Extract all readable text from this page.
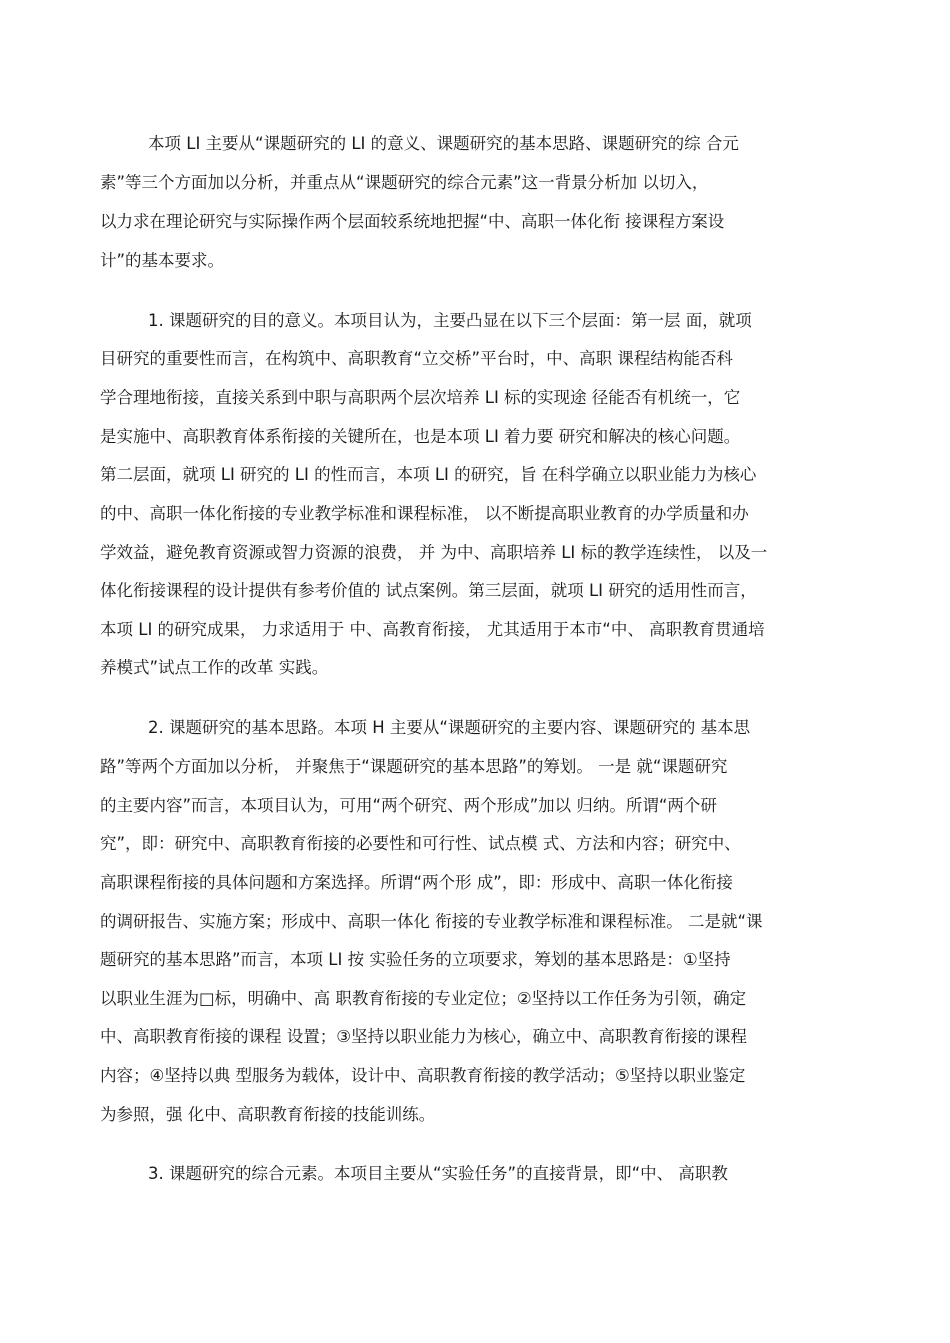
本项 LI 主要从“课题研究的 LI 的意义、课题研究的基本思路、课题研究的综 合元
素”等三个方面加以分析，并重点从“课题研究的综合元素”这一背景分析加 以切入，
以力求在理论研究与实际操作两个层面较系统地把握“中、高职一体化衔 接课程方案设
计”的基本要求。
1. 课题研究的目的意义。本项目认为，主要凸显在以下三个层面：第一层 面，就项
目研究的重要性而言，在构筑中、高职教育“立交桥”平台时，中、高职 课程结构能否科
学合理地衔接，直接关系到中职与高职两个层次培养 LI 标的实现途 径能否有机统一，它
是实施中、高职教育体系衔接的关键所在，也是本项 LI 着力要 研究和解决的核心问题。
第二层面，就项 LI 研究的 LI 的性而言，本项 LI 的研究，旨 在科学确立以职业能力为核心
的中、高职一体化衔接的专业教学标准和课程标准， 以不断提高职业教育的办学质量和办
学效益，避免教育资源或智力资源的浪费， 并 为中、高职培养 LI 标的教学连续性， 以及一
体化衔接课程的设计提供有参考价值的 试点案例。第三层面，就项 LI 研究的适用性而言，
本项 LI 的研究成果， 力求适用于 中、高教育衔接， 尤其适用于本市“中、 高职教育贯通培
养模式”试点工作的改革 实践。
2. 课题研究的基本思路。本项 H 主要从“课题研究的主要内容、课题研究的 基本思
路”等两个方面加以分析， 并聚焦于“课题研究的基本思路”的筹划。 一是 就“课题研究
的主要内容”而言，本项目认为，可用“两个研究、两个形成”加以 归纳。所谓“两个研
究”，即：研究中、高职教育衔接的必要性和可行性、试点模 式、方法和内容；研究中、
高职课程衔接的具体问题和方案选择。所谓“两个形 成”，即：形成中、高职一体化衔接
的调研报告、实施方案；形成中、高职一体化 衔接的专业教学标准和课程标准。 二是就“课
题研究的基本思路”而言，本项 LI 按 实验任务的立项要求，筹划的基本思路是：①坚持
以职业生涯为□标，明确中、高 职教育衔接的专业定位；②坚持以工作任务为引领，确定
中、高职教育衔接的课程 设置；③坚持以职业能力为核心，确立中、高职教育衔接的课程
内容；④坚持以典 型服务为载体，设计中、高职教育衔接的教学活动；⑤坚持以职业鉴定
为参照，强 化中、高职教育衔接的技能训练。
3. 课题研究的综合元素。本项目主要从“实验任务”的直接背景，即“中、 高职教
